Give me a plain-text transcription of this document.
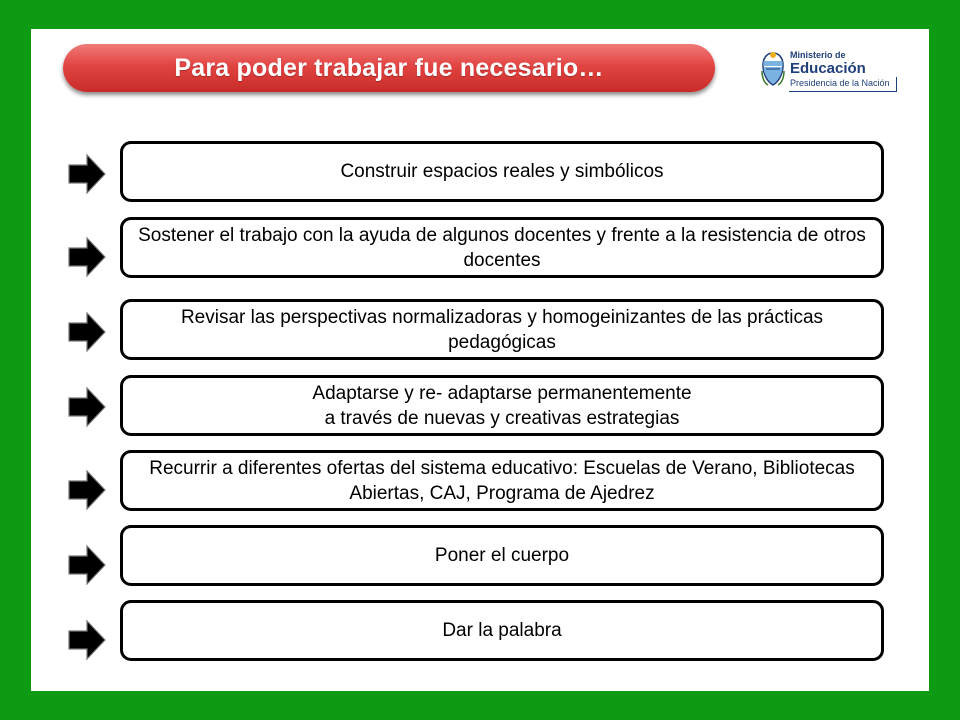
Para poder trabajar fue necesario…	Ministerio de
Educación
Presidencia de la Nación
Construir espacios reales y simbólicos
Sostener el trabajo con la ayuda de algunos docentes y frente a la resistencia de otros docentes
Revisar las perspectivas normalizadoras y homogeinizantes de las prácticas pedagógicas
Adaptarse y re- adaptarse permanentemente
a través de nuevas y creativas estrategias
Recurrir a diferentes ofertas del sistema educativo: Escuelas de Verano, Bibliotecas Abiertas, CAJ, Programa de Ajedrez
Poner el cuerpo
Dar la palabra
